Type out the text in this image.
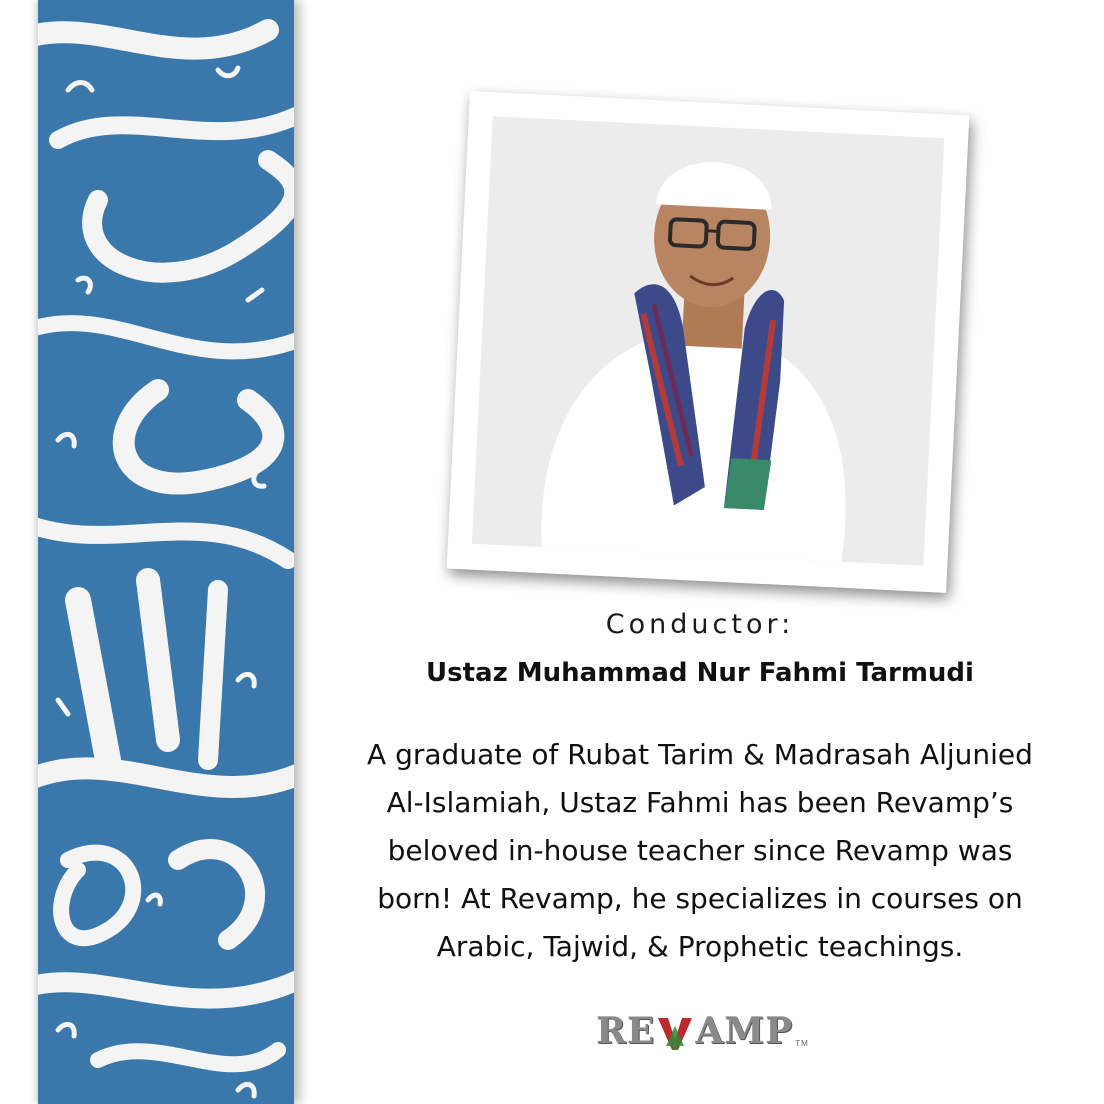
Conductor:

Ustaz Muhammad Nur Fahmi Tarmudi

A graduate of Rubat Tarim & Madrasah Aljunied
Al-Islamiah, Ustaz Fahmi has been Revamp’s
beloved in-house teacher since Revamp was
born! At Revamp, he specializes in courses on
Arabic, Tajwid, & Prophetic teachings.
RE AMP TM
